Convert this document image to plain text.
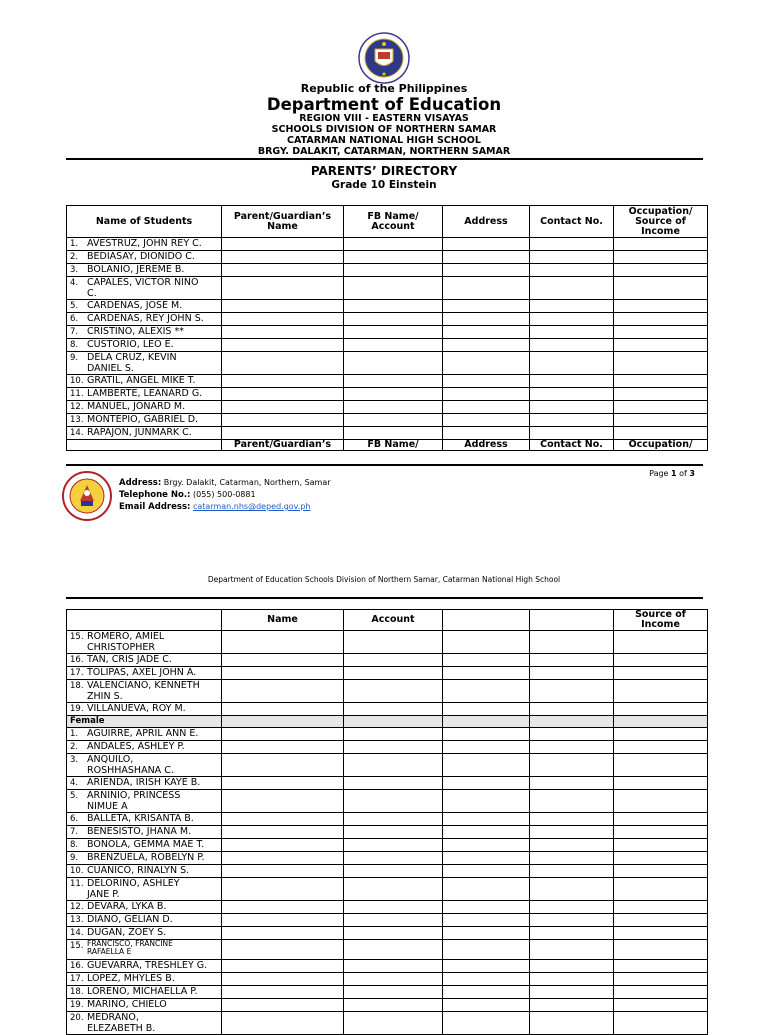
Republic of the Philippines
Department of Education
REGION VIII - EASTERN VISAYAS
SCHOOLS DIVISION OF NORTHERN SAMAR
CATARMAN NATIONAL HIGH SCHOOL
BRGY. DALAKIT, CATARMAN, NORTHERN SAMAR
PARENTS’ DIRECTORY
Grade 10 Einstein
Name of Students	Parent/Guardian’s Name	FB Name/ Account	Address	Contact No.	Occupation/ Source of Income
1. AVESTRUZ, JOHN REY C.					
2. BEDIASAY, DIONIDO C.					
3. BOLANIO, JEREME B.					
4. CAPALES, VICTOR NINO C.					
5. CARDENAS, JOSE M.					
6. CARDENAS, REY JOHN S.					
7. CRISTINO, ALEXIS **					
8. CUSTORIO, LEO E.					
9. DELA CRUZ, KEVIN DANIEL S.					
10. GRATIL, ANGEL MIKE T.					
11. LAMBERTE, LEANARD G.					
12. MANUEL, JONARD M.					
13. MONTEPIO, GABRIEL D.					
14. RAPAJON, JUNMARK C.					
	Parent/Guardian’s	FB Name/	Address	Contact No.	Occupation/
Page 1 of 3
Address: Brgy. Dalakit, Catarman, Northern, Samar
Telephone No.: (055) 500-0881
Email Address: catarman.nhs@deped.gov.ph
Department of Education Schools Division of Northern Samar, Catarman National High School
	Name	Account			Source of Income
15. ROMERO, AMIEL CHRISTOPHER					
16. TAN, CRIS JADE C.					
17. TOLIPAS, AXEL JOHN A.					
18. VALENCIANO, KENNETH ZHIN S.					
19. VILLANUEVA, ROY M.					
Female					
1. AGUIRRE, APRIL ANN E.					
2. ANDALES, ASHLEY P.					
3. ANQUILO, ROSHHASHANA C.					
4. ARIENDA, IRISH KAYE B.					
5. ARNINIO, PRINCESS NIMUE A					
6. BALLETA, KRISANTA B.					
7. BENESISTO, JHANA M.					
8. BONOLA, GEMMA MAE T.					
9. BRENZUELA, ROBELYN P.					
10. CUANICO, RINALYN S.					
11. DELORINO, ASHLEY JANE P.					
12. DEVARA, LYKA B.					
13. DIANO, GELIAN D.					
14. DUGAN, ZOEY S.					
15. FRANCISCO, FRANCINE RAFAELLA E					
16. GUEVARRA, TRESHLEY G.					
17. LOPEZ, MHYLES B.					
18. LORENO, MICHAELLA P.					
19. MARINO, CHIELO					
20. MEDRANO, ELEZABETH B.					
